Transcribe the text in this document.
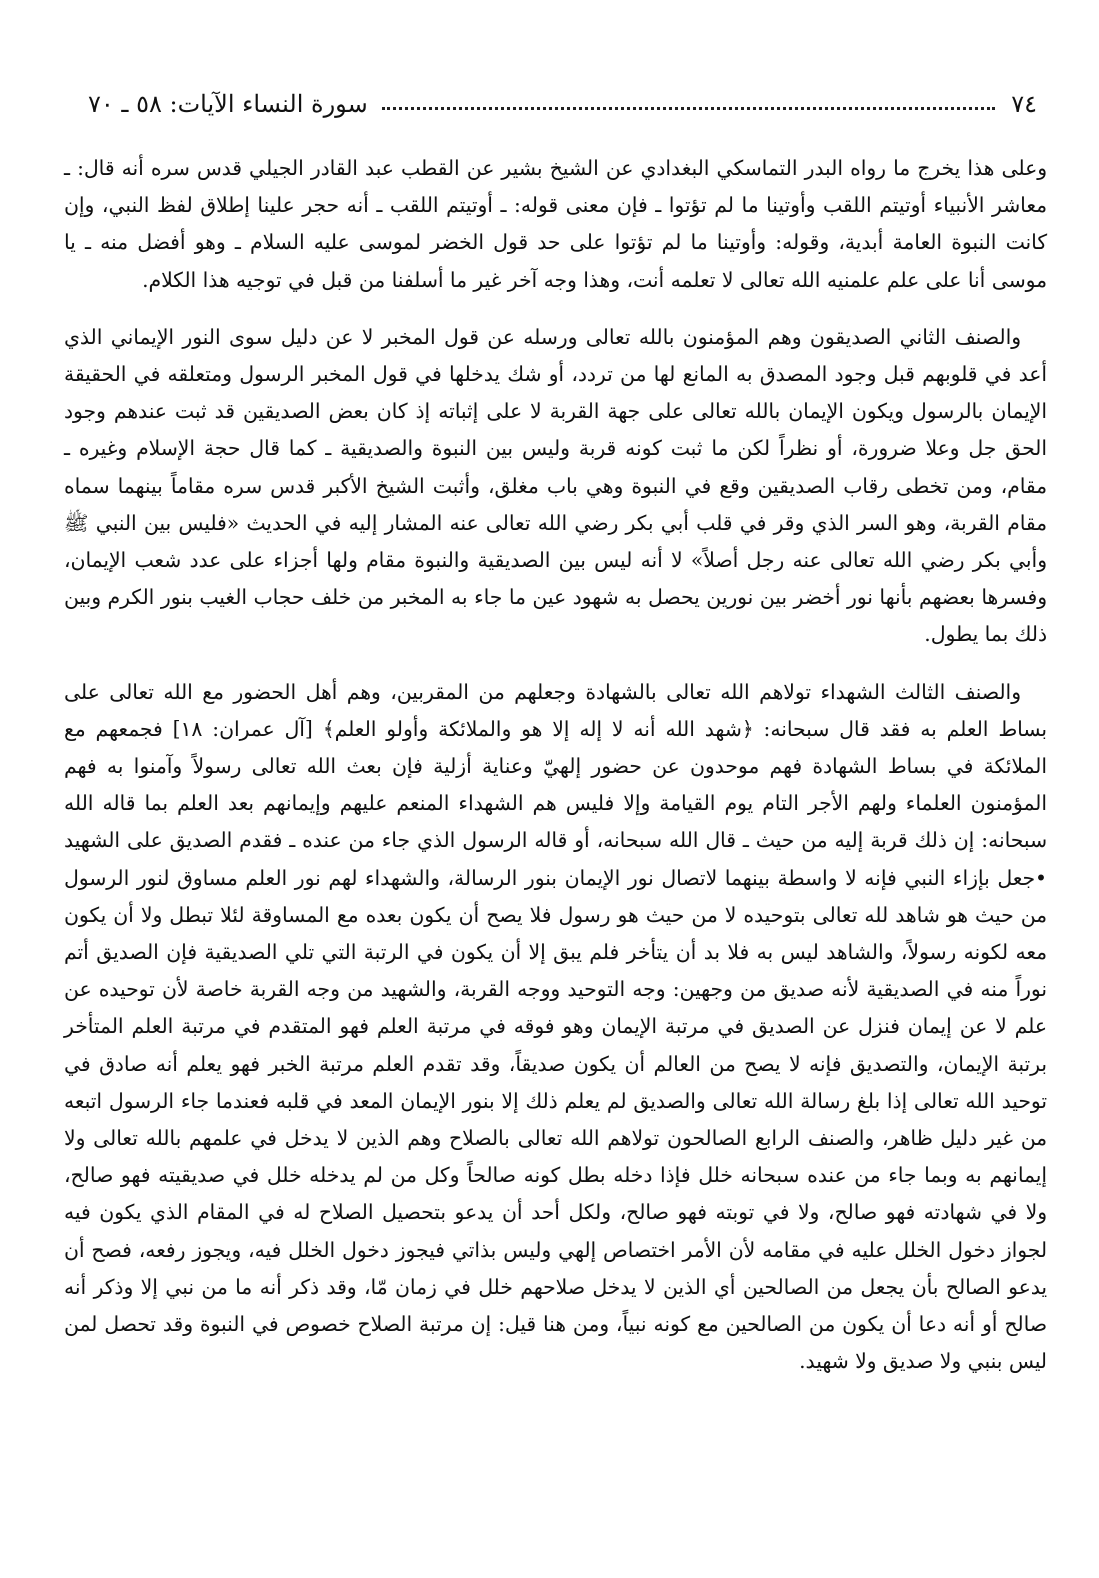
٧٤
سورة النساء الآيات: ٥٨ ـ ٧٠

وعلى هذا يخرج ما رواه البدر التماسكي البغدادي عن الشيخ بشير عن القطب عبد القادر الجيلي قدس سره أنه قال: ـ معاشر الأنبياء أوتيتم اللقب وأوتينا ما لم تؤتوا ـ فإن معنى قوله: ـ أوتيتم اللقب ـ أنه حجر علينا إطلاق لفظ النبي، وإن كانت النبوة العامة أبدية، وقوله: وأوتينا ما لم تؤتوا على حد قول الخضر لموسى عليه السلام ـ وهو أفضل منه ـ يا موسى أنا على علم علمنيه الله تعالى لا تعلمه أنت، وهذا وجه آخر غير ما أسلفنا من قبل في توجيه هذا الكلام.

والصنف الثاني الصديقون وهم المؤمنون بالله تعالى ورسله عن قول المخبر لا عن دليل سوى النور الإيماني الذي أعد في قلوبهم قبل وجود المصدق به المانع لها من تردد، أو شك يدخلها في قول المخبر الرسول ومتعلقه في الحقيقة الإيمان بالرسول ويكون الإيمان بالله تعالى على جهة القربة لا على إثباته إذ كان بعض الصديقين قد ثبت عندهم وجود الحق جل وعلا ضرورة، أو نظراً لكن ما ثبت كونه قربة وليس بين النبوة والصديقية ـ كما قال حجة الإسلام وغيره ـ مقام، ومن تخطى رقاب الصديقين وقع في النبوة وهي باب مغلق، وأثبت الشيخ الأكبر قدس سره مقاماً بينهما سماه مقام القربة، وهو السر الذي وقر في قلب أبي بكر رضي الله تعالى عنه المشار إليه في الحديث «فليس بين النبي ﷺ وأبي بكر رضي الله تعالى عنه رجل أصلاً» لا أنه ليس بين الصديقية والنبوة مقام ولها أجزاء على عدد شعب الإيمان، وفسرها بعضهم بأنها نور أخضر بين نورين يحصل به شهود عين ما جاء به المخبر من خلف حجاب الغيب بنور الكرم وبين ذلك بما يطول.

والصنف الثالث الشهداء تولاهم الله تعالى بالشهادة وجعلهم من المقربين، وهم أهل الحضور مع الله تعالى على بساط العلم به فقد قال سبحانه: ﴿شهد الله أنه لا إله إلا هو والملائكة وأولو العلم﴾ [آل عمران: ١٨] فجمعهم مع الملائكة في بساط الشهادة فهم موحدون عن حضور إلهيّ وعناية أزلية فإن بعث الله تعالى رسولاً وآمنوا به فهم المؤمنون العلماء ولهم الأجر التام يوم القيامة وإلا فليس هم الشهداء المنعم عليهم وإيمانهم بعد العلم بما قاله الله سبحانه: إن ذلك قربة إليه من حيث ـ قال الله سبحانه، أو قاله الرسول الذي جاء من عنده ـ فقدم الصديق على الشهيد •جعل بإزاء النبي فإنه لا واسطة بينهما لاتصال نور الإيمان بنور الرسالة، والشهداء لهم نور العلم مساوق لنور الرسول من حيث هو شاهد لله تعالى بتوحيده لا من حيث هو رسول فلا يصح أن يكون بعده مع المساوقة لئلا تبطل ولا أن يكون معه لكونه رسولاً، والشاهد ليس به فلا بد أن يتأخر فلم يبق إلا أن يكون في الرتبة التي تلي الصديقية فإن الصديق أتم نوراً منه في الصديقية لأنه صديق من وجهين: وجه التوحيد ووجه القربة، والشهيد من وجه القربة خاصة لأن توحيده عن علم لا عن إيمان فنزل عن الصديق في مرتبة الإيمان وهو فوقه في مرتبة العلم فهو المتقدم في مرتبة العلم المتأخر برتبة الإيمان، والتصديق فإنه لا يصح من العالم أن يكون صديقاً، وقد تقدم العلم مرتبة الخبر فهو يعلم أنه صادق في توحيد الله تعالى إذا بلغ رسالة الله تعالى والصديق لم يعلم ذلك إلا بنور الإيمان المعد في قلبه فعندما جاء الرسول اتبعه من غير دليل ظاهر، والصنف الرابع الصالحون تولاهم الله تعالى بالصلاح وهم الذين لا يدخل في علمهم بالله تعالى ولا إيمانهم به وبما جاء من عنده سبحانه خلل فإذا دخله بطل كونه صالحاً وكل من لم يدخله خلل في صديقيته فهو صالح، ولا في شهادته فهو صالح، ولا في توبته فهو صالح، ولكل أحد أن يدعو بتحصيل الصلاح له في المقام الذي يكون فيه لجواز دخول الخلل عليه في مقامه لأن الأمر اختصاص إلهي وليس بذاتي فيجوز دخول الخلل فيه، ويجوز رفعه، فصح أن يدعو الصالح بأن يجعل من الصالحين أي الذين لا يدخل صلاحهم خلل في زمان مّا، وقد ذكر أنه ما من نبي إلا وذكر أنه صالح أو أنه دعا أن يكون من الصالحين مع كونه نبياً، ومن هنا قيل: إن مرتبة الصلاح خصوص في النبوة وقد تحصل لمن ليس بنبي ولا صديق ولا شهيد.
